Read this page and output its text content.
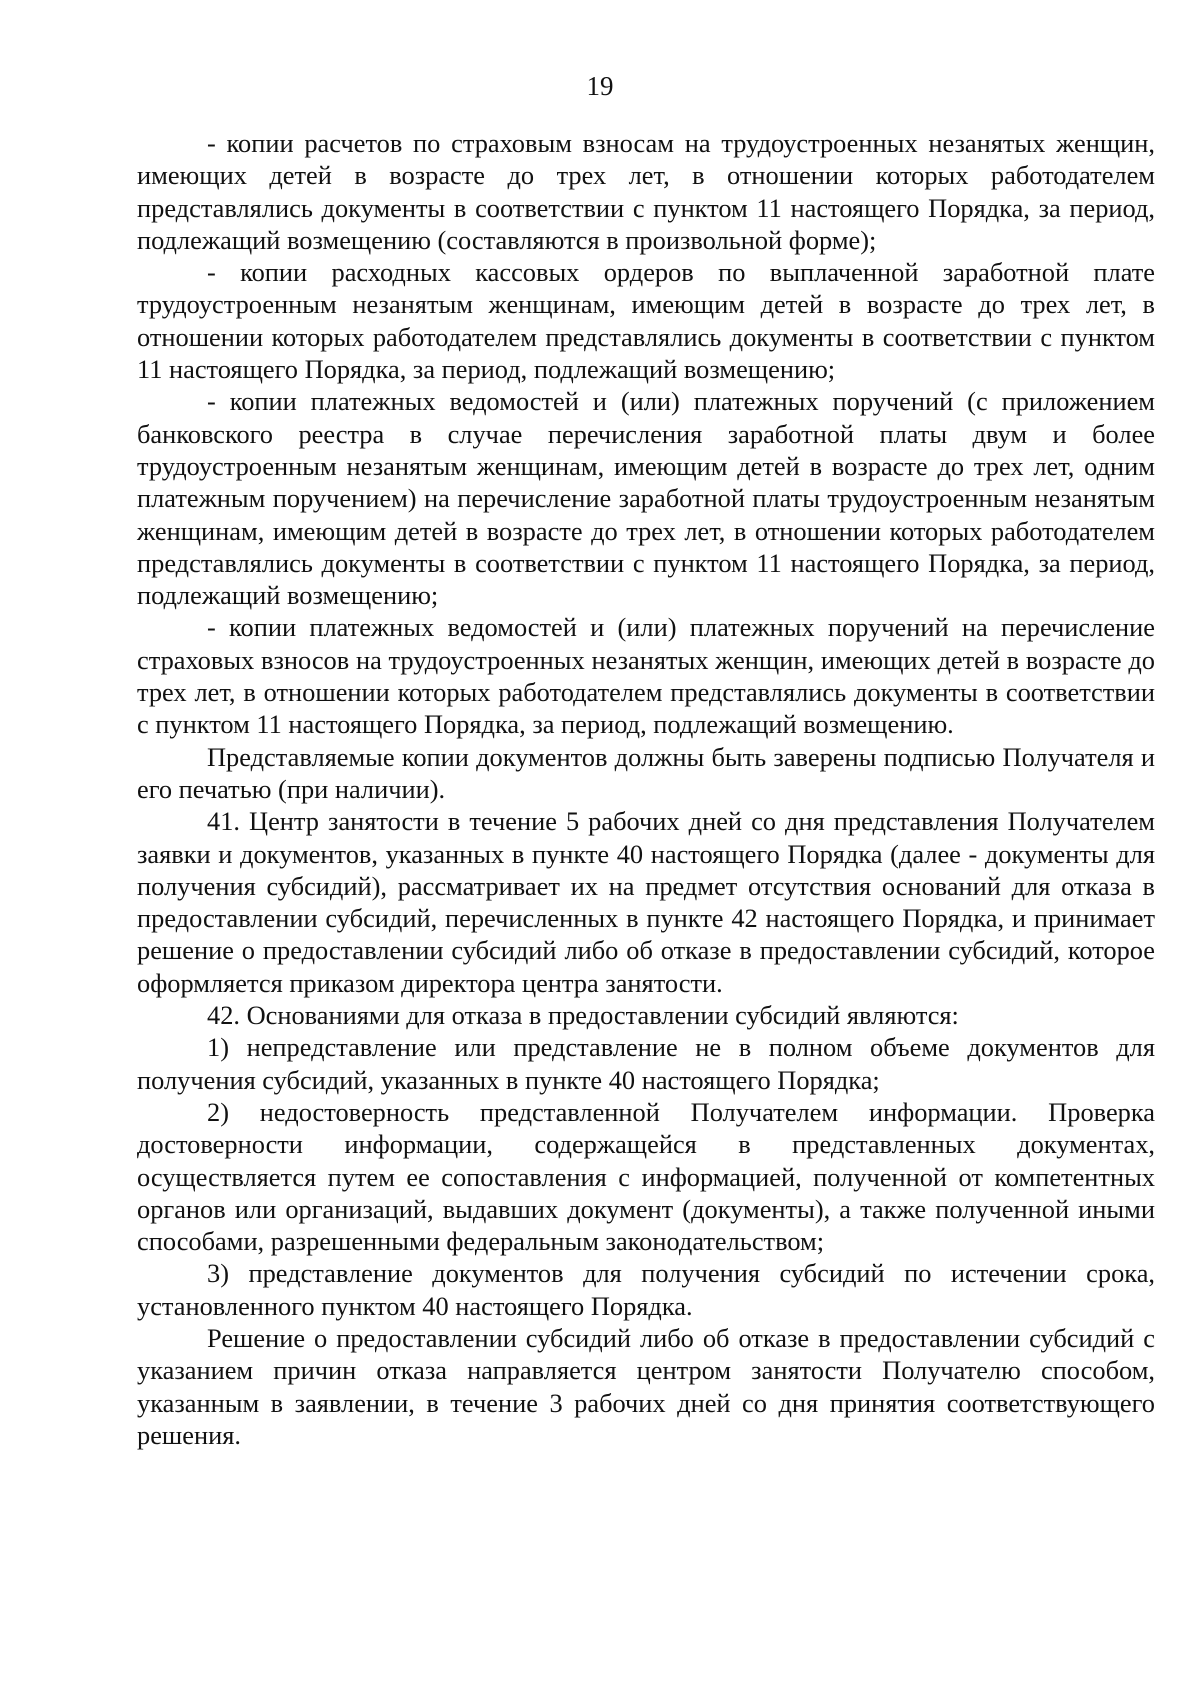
19

- копии расчетов по страховым взносам на трудоустроенных незанятых женщин, имеющих детей в возрасте до трех лет, в отношении которых работодателем представлялись документы в соответствии с пунктом 11 настоящего Порядка, за период, подлежащий возмещению (составляются в произвольной форме);

- копии расходных кассовых ордеров по выплаченной заработной плате трудоустроенным незанятым женщинам, имеющим детей в возрасте до трех лет, в отношении которых работодателем представлялись документы в соответствии с пунктом 11 настоящего Порядка, за период, подлежащий возмещению;

- копии платежных ведомостей и (или) платежных поручений (с приложением банковского реестра в случае перечисления заработной платы двум и более трудоустроенным незанятым женщинам, имеющим детей в возрасте до трех лет, одним платежным поручением) на перечисление заработной платы трудоустроенным незанятым женщинам, имеющим детей в возрасте до трех лет, в отношении которых работодателем представлялись документы в соответствии с пунктом 11 настоящего Порядка, за период, подлежащий возмещению;

- копии платежных ведомостей и (или) платежных поручений на перечисление страховых взносов на трудоустроенных незанятых женщин, имеющих детей в возрасте до трех лет, в отношении которых работодателем представлялись документы в соответствии с пунктом 11 настоящего Порядка, за период, подлежащий возмещению.

Представляемые копии документов должны быть заверены подписью Получателя и его печатью (при наличии).

41. Центр занятости в течение 5 рабочих дней со дня представления Получателем заявки и документов, указанных в пункте 40 настоящего Порядка (далее - документы для получения субсидий), рассматривает их на предмет отсутствия оснований для отказа в предоставлении субсидий, перечисленных в пункте 42 настоящего Порядка, и принимает решение о предоставлении субсидий либо об отказе в предоставлении субсидий, которое оформляется приказом директора центра занятости.

42. Основаниями для отказа в предоставлении субсидий являются:

1) непредставление или представление не в полном объеме документов для получения субсидий, указанных в пункте 40 настоящего Порядка;

2) недостоверность представленной Получателем информации. Проверка достоверности информации, содержащейся в представленных документах, осуществляется путем ее сопоставления с информацией, полученной от компетентных органов или организаций, выдавших документ (документы), а также полученной иными способами, разрешенными федеральным законодательством;

3) представление документов для получения субсидий по истечении срока, установленного пунктом 40 настоящего Порядка.

Решение о предоставлении субсидий либо об отказе в предоставлении субсидий с указанием причин отказа направляется центром занятости Получателю способом, указанным в заявлении, в течение 3 рабочих дней со дня принятия соответствующего решения.
